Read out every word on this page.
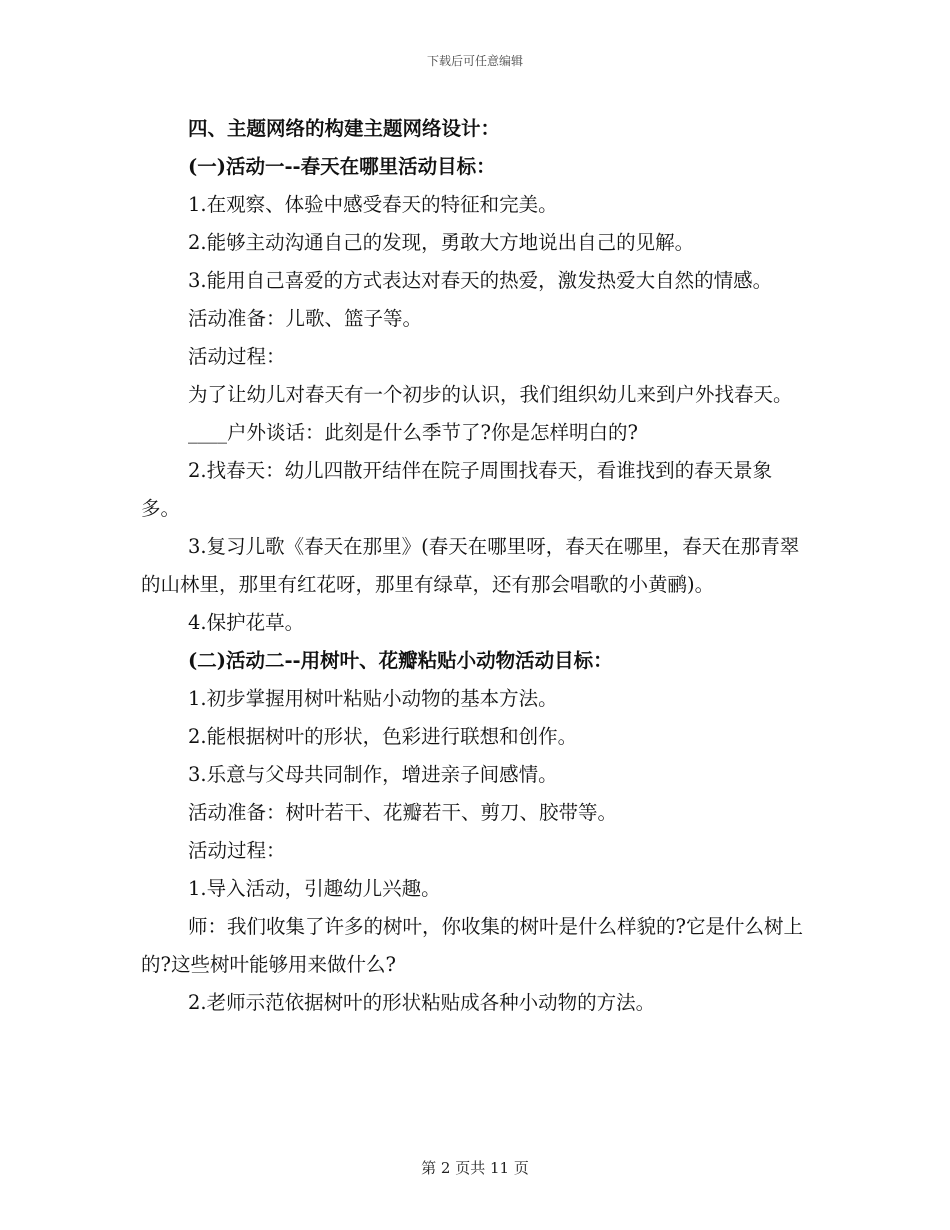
下载后可任意编辑

四、主题网络的构建主题网络设计：

(一)活动一--春天在哪里活动目标：

1.在观察、体验中感受春天的特征和完美。

2.能够主动沟通自己的发现，勇敢大方地说出自己的见解。

3.能用自己喜爱的方式表达对春天的热爱，激发热爱大自然的情感。

活动准备：儿歌、篮子等。

活动过程：

为了让幼儿对春天有一个初步的认识，我们组织幼儿来到户外找春天。

____户外谈话：此刻是什么季节了?你是怎样明白的?

2.找春天：幼儿四散开结伴在院子周围找春天，看谁找到的春天景象多。

3.复习儿歌《春天在那里》(春天在哪里呀，春天在哪里，春天在那青翠的山林里，那里有红花呀，那里有绿草，还有那会唱歌的小黄鹂)。

4.保护花草。

(二)活动二--用树叶、花瓣粘贴小动物活动目标：

1.初步掌握用树叶粘贴小动物的基本方法。

2.能根据树叶的形状，色彩进行联想和创作。

3.乐意与父母共同制作，增进亲子间感情。

活动准备：树叶若干、花瓣若干、剪刀、胶带等。

活动过程：

1.导入活动，引趣幼儿兴趣。

师：我们收集了许多的树叶，你收集的树叶是什么样貌的?它是什么树上的?这些树叶能够用来做什么?

2.老师示范依据树叶的形状粘贴成各种小动物的方法。

第 2 页共 11 页
